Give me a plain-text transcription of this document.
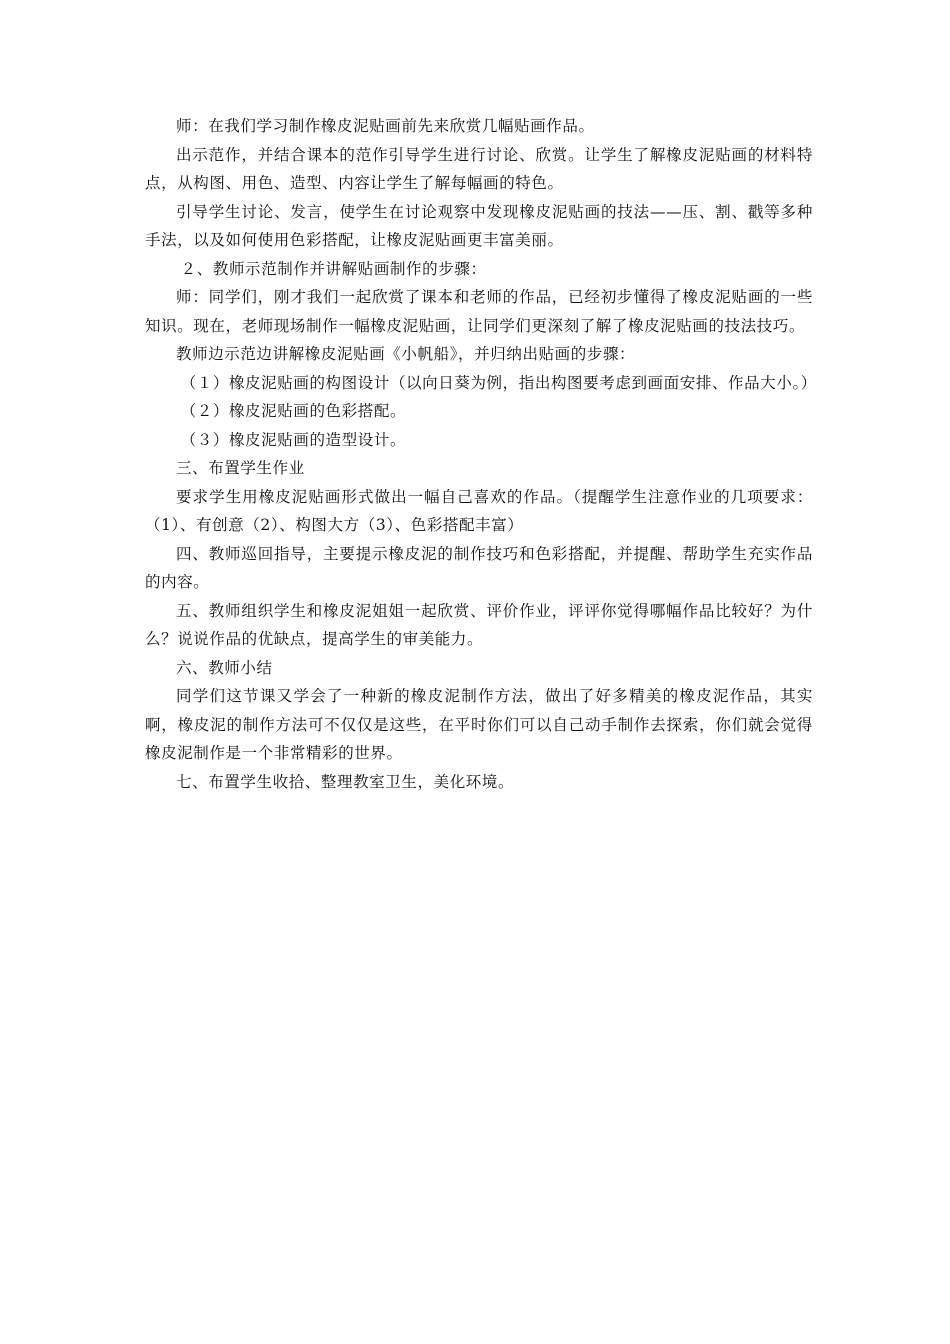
师：在我们学习制作橡皮泥贴画前先来欣赏几幅贴画作品。

出示范作，并结合课本的范作引导学生进行讨论、欣赏。让学生了解橡皮泥贴画的材料特点，从构图、用色、造型、内容让学生了解每幅画的特色。

引导学生讨论、发言，使学生在讨论观察中发现橡皮泥贴画的技法——压、割、戳等多种手法，以及如何使用色彩搭配，让橡皮泥贴画更丰富美丽。

２、教师示范制作并讲解贴画制作的步骤：

师：同学们，刚才我们一起欣赏了课本和老师的作品，已经初步懂得了橡皮泥贴画的一些知识。现在，老师现场制作一幅橡皮泥贴画，让同学们更深刻了解了橡皮泥贴画的技法技巧。

教师边示范边讲解橡皮泥贴画《小帆船》，并归纳出贴画的步骤：

（１）橡皮泥贴画的构图设计（以向日葵为例，指出构图要考虑到画面安排、作品大小。）

（２）橡皮泥贴画的色彩搭配。

（３）橡皮泥贴画的造型设计。

三、布置学生作业

要求学生用橡皮泥贴画形式做出一幅自己喜欢的作品。（提醒学生注意作业的几项要求：（1）、有创意（2）、构图大方（3）、色彩搭配丰富）

四、教师巡回指导，主要提示橡皮泥的制作技巧和色彩搭配，并提醒、帮助学生充实作品的内容。

五、教师组织学生和橡皮泥姐姐一起欣赏、评价作业，评评你觉得哪幅作品比较好？为什么？说说作品的优缺点，提高学生的审美能力。

六、教师小结

同学们这节课又学会了一种新的橡皮泥制作方法，做出了好多精美的橡皮泥作品，其实啊，橡皮泥的制作方法可不仅仅是这些，在平时你们可以自己动手制作去探索，你们就会觉得橡皮泥制作是一个非常精彩的世界。

七、布置学生收拾、整理教室卫生，美化环境。
